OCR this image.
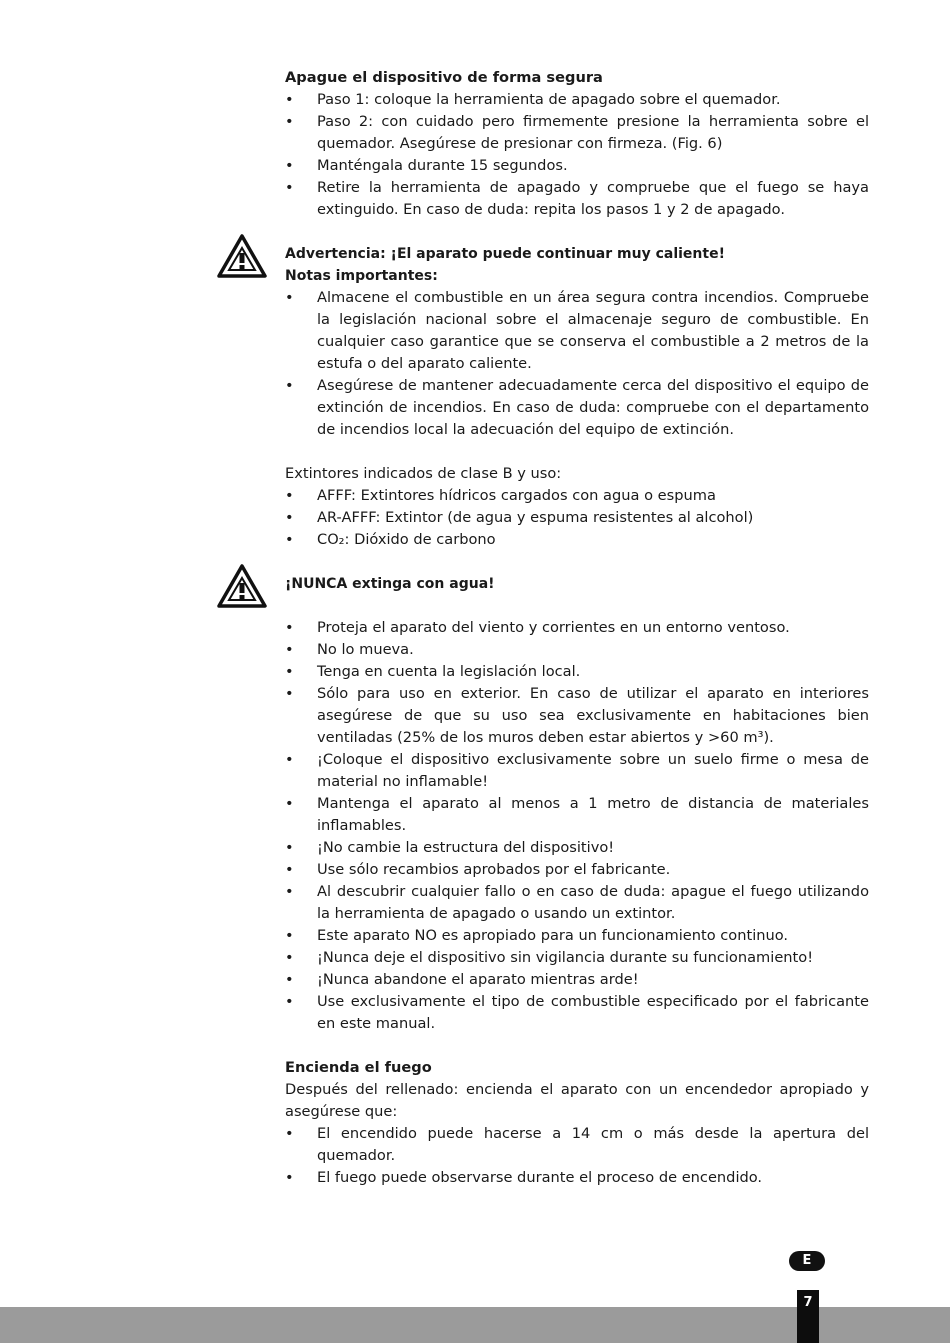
Apague el dispositivo de forma segura
• Paso 1: coloque la herramienta de apagado sobre el quemador.
• Paso 2: con cuidado pero firmemente presione la herramienta sobre el quemador. Asegúrese de presionar con firmeza. (Fig. 6)
• Manténgala durante 15 segundos.
• Retire la herramienta de apagado y compruebe que el fuego se haya extinguido. En caso de duda: repita los pasos 1 y 2 de apagado.
Advertencia: ¡El aparato puede continuar muy caliente!
Notas importantes:
• Almacene el combustible en un área segura contra incendios. Compruebe la legislación nacional sobre el almacenaje seguro de combustible. En cualquier caso garantice que se conserva el combustible a 2 metros de la estufa o del aparato caliente.
• Asegúrese de mantener adecuadamente cerca del dispositivo el equipo de extinción de incendios. En caso de duda: compruebe con el departamento de incendios local la adecuación del equipo de extinción.
Extintores indicados de clase B y uso:
• AFFF: Extintores hídricos cargados con agua o espuma
• AR-AFFF: Extintor (de agua y espuma resistentes al alcohol)
• CO₂: Dióxido de carbono
¡NUNCA extinga con agua!
• Proteja el aparato del viento y corrientes en un entorno ventoso.
• No lo mueva.
• Tenga en cuenta la legislación local.
• Sólo para uso en exterior. En caso de utilizar el aparato en interiores asegúrese de que su uso sea exclusivamente en habitaciones bien ventiladas (25% de los muros deben estar abiertos y >60 m³).
• ¡Coloque el dispositivo exclusivamente sobre un suelo firme o mesa de material no inflamable!
• Mantenga el aparato al menos a 1 metro de distancia de materiales inflamables.
• ¡No cambie la estructura del dispositivo!
• Use sólo recambios aprobados por el fabricante.
• Al descubrir cualquier fallo o en caso de duda: apague el fuego utilizando la herramienta de apagado o usando un extintor.
• Este aparato NO es apropiado para un funcionamiento continuo.
• ¡Nunca deje el dispositivo sin vigilancia durante su funcionamiento!
• ¡Nunca abandone el aparato mientras arde!
• Use exclusivamente el tipo de combustible especificado por el fabricante en este manual.
Encienda el fuego
Después del rellenado: encienda el aparato con un encendedor apropiado y asegúrese que:
• El encendido puede hacerse a 14 cm o más desde la apertura del quemador.
• El fuego puede observarse durante el proceso de encendido.
E
7
